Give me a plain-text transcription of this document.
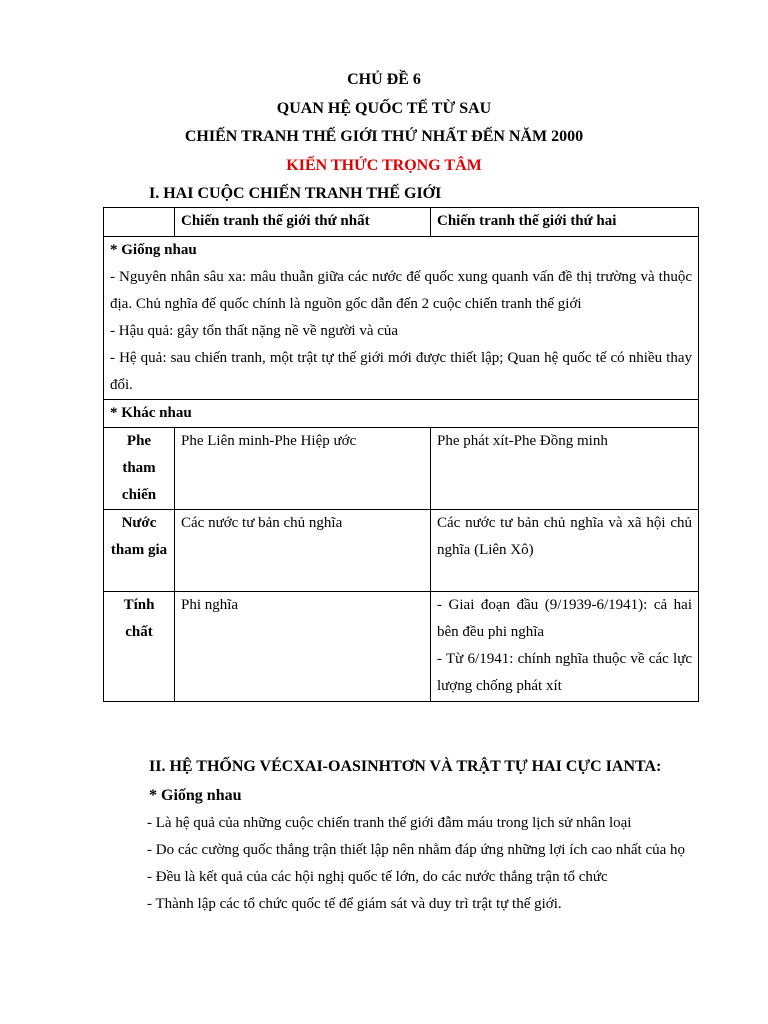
CHỦ ĐỀ 6
QUAN HỆ QUỐC TẾ TỪ SAU
CHIẾN TRANH THẾ GIỚI THỨ NHẤT ĐẾN NĂM 2000
KIẾN THỨC TRỌNG TÂM
I. HAI CUỘC CHIẾN TRANH THẾ GIỚI
	Chiến tranh thế giới thứ nhất	Chiến tranh thế giới thứ hai

* Giống nhau

- Nguyên nhân sâu xa: mâu thuẫn giữa các nước đế quốc xung quanh vấn đề thị trường và thuộc địa. Chủ nghĩa đế quốc chính là nguồn gốc dẫn đến 2 cuộc chiến tranh thế giới

- Hậu quả: gây tổn thất nặng nề về người và của

- Hệ quả: sau chiến tranh, một trật tự thế giới mới được thiết lập; Quan hệ quốc tế có nhiều thay đổi.		

* Khác nhau		

Phe tham chiến	Phe Liên minh-Phe Hiệp ước	Phe phát xít-Phe Đồng minh

Nước tham gia	Các nước tư bản chủ nghĩa	Các nước tư bản chủ nghĩa và xã hội chủ nghĩa (Liên Xô)

Tính chất	Phi nghĩa	- Giai đoạn đầu (9/1939-6/1941): cả hai bên đều phi nghĩa

- Từ 6/1941: chính nghĩa thuộc về các lực lượng chống phát xít

II. HỆ THỐNG VÉCXAI-OASINHTƠN VÀ TRẬT TỰ HAI CỰC IANTA:
* Giống nhau

- Là hệ quả của những cuộc chiến tranh thế giới đẫm máu trong lịch sử nhân loại

- Do các cường quốc thắng trận thiết lập nên nhằm đáp ứng những lợi ích cao nhất của họ

- Đều là kết quả của các hội nghị quốc tế lớn, do các nước thắng trận tổ chức

- Thành lập các tổ chức quốc tế để giám sát và duy trì trật tự thế giới.
